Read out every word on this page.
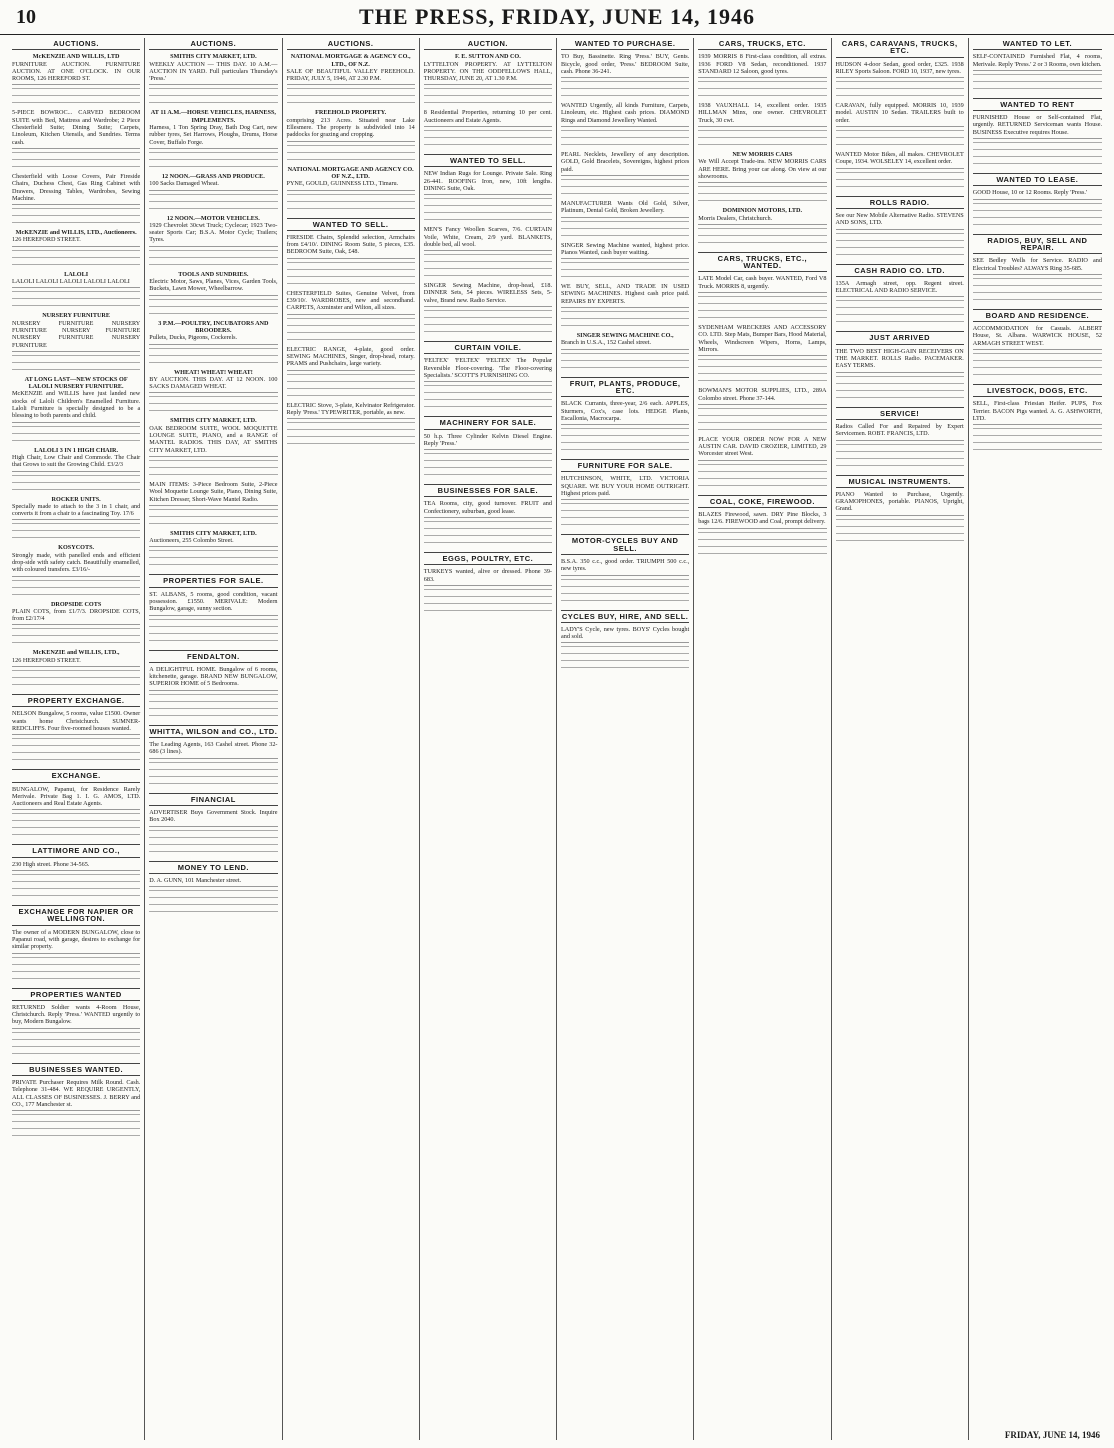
10	THE PRESS, FRIDAY, JUNE 14, 1946
AUCTIONS.
McKENZIE AND WILLIS, LTD
FURNITURE AUCTION. FURNITURE AUCTION. AT ONE O'CLOCK. IN OUR ROOMS, 126 HEREFORD ST.
5-PIECE BOWROC... CARVED BEDROOM SUITE with Bed, Mattress and Wardrobe; 2 Piece Chesterfield Suite; Dining Suite; Carpets, Linoleum, Kitchen Utensils, and Sundries. Terms cash.
Chesterfield with Loose Covers, Pair Fireside Chairs, Duchess Chest, Gas Ring Cabinet with Drawers, Dressing Tables, Wardrobes, Sewing Machine.
McKENZIE and WILLIS, LTD., Auctioneers.
126 HEREFORD STREET.
LALOLI
LALOLI LALOLI LALOLI LALOLI LALOLI
NURSERY FURNITURE
NURSERY FURNITURE NURSERY FURNITURE NURSERY FURNITURE NURSERY FURNITURE NURSERY FURNITURE
AT LONG LAST—NEW STOCKS OF LALOLI NURSERY FURNITURE.
McKENZIE and WILLIS have just landed new stocks of Laloli Children's Enamelled Furniture. Laloli Furniture is specially designed to be a blessing to both parents and child.
LALOLI 3 IN 1 HIGH CHAIR.
High Chair, Low Chair and Commode. The Chair that Grows to suit the Growing Child. £3/2/3
ROCKER UNITS.
Specially made to attach to the 3 in 1 chair, and converts it from a chair to a fascinating Toy. 17/6
KOSYCOTS.
Strongly made, with panelled ends and efficient drop-side with safety catch. Beautifully enamelled, with coloured transfers. £3/16/-
DROPSIDE COTS
PLAIN COTS, from £1/7/3. DROPSIDE COTS, from £2/17/4
McKENZIE and WILLIS, LTD.,
126 HEREFORD STREET.
PROPERTY EXCHANGE.
NELSON Bungalow, 5 rooms, value £1500. Owner wants home Christchurch. SUMNER-REDCLIFFS. Four five-roomed houses wanted.
EXCHANGE.
BUNGALOW, Papanui, for Residence Rarely Merivale. Private Bag 1. I. G. AMOS, LTD. Auctioneers and Real Estate Agents.
LATTIMORE AND CO.,
230 High street. Phone 34-565.
EXCHANGE FOR NAPIER OR WELLINGTON.
The owner of a MODERN BUNGALOW, close to Papanui road, with garage, desires to exchange for similar property.
PROPERTIES WANTED
RETURNED Soldier wants 4-Room House, Christchurch. Reply 'Press.' WANTED urgently to buy, Modern Bungalow.
BUSINESSES WANTED.
PRIVATE Purchaser Requires Milk Round. Cash. Telephone 31-484. WE REQUIRE URGENTLY, ALL CLASSES OF BUSINESSES. J. BERRY and CO., 177 Manchester st.
AUCTIONS.
SMITHS CITY MARKET, LTD.
WEEKLY AUCTION — THIS DAY. 10 A.M.—AUCTION IN YARD. Full particulars Thursday's 'Press.'
AT 11 A.M.—HORSE VEHICLES, HARNESS, IMPLEMENTS.
Harness, 1 Ton Spring Dray, Bath Dog Cart, new rubber tyres, Set Harrows, Ploughs, Drums, Horse Cover, Buffalo Forge.
12 NOON.—GRASS AND PRODUCE.
100 Sacks Damaged Wheat.
12 NOON.—MOTOR VEHICLES.
1929 Chevrolet 30cwt Truck; Cyclecar; 1923 Two-seater Sports Car; B.S.A. Motor Cycle; Trailers; Tyres.
TOOLS AND SUNDRIES.
Electric Motor, Saws, Planes, Vices, Garden Tools, Buckets, Lawn Mower, Wheelbarrow.
3 P.M.—POULTRY, INCUBATORS AND BROODERS.
Pullets, Ducks, Pigeons, Cockerels.
WHEAT! WHEAT! WHEAT!
BY AUCTION. THIS DAY. AT 12 NOON. 100 SACKS DAMAGED WHEAT.
SMITHS CITY MARKET, LTD.
OAK BEDROOM SUITE, WOOL MOQUETTE LOUNGE SUITE, PIANO, and a RANGE of MANTEL RADIOS. THIS DAY, AT SMITHS CITY MARKET, LTD.
MAIN ITEMS: 3-Piece Bedroom Suite, 2-Piece Wool Moquette Lounge Suite, Piano, Dining Suite, Kitchen Dresser, Short-Wave Mantel Radio.
SMITHS CITY MARKET, LTD.
Auctioneers, 255 Colombo Street.
PROPERTIES FOR SALE.
ST. ALBANS, 5 rooms, good condition, vacant possession. £1550. MERIVALE: Modern Bungalow, garage, sunny section.
FENDALTON.
A DELIGHTFUL HOME. Bungalow of 6 rooms, kitchenette, garage. BRAND NEW BUNGALOW, SUPERIOR HOME of 5 Bedrooms.
WHITTA, WILSON and CO., LTD.
The Leading Agents, 163 Cashel street. Phone 32-686 (3 lines).
FINANCIAL
ADVERTISER Buys Government Stock. Inquire Box 2040.
MONEY TO LEND.
D. A. GUNN, 101 Manchester street.
AUCTIONS.
NATIONAL MORTGAGE & AGENCY CO., LTD., OF N.Z.
SALE OF BEAUTIFUL VALLEY FREEHOLD. FRIDAY, JULY 5, 1946, AT 2.30 P.M.
FREEHOLD PROPERTY.
comprising 213 Acres. Situated near Lake Ellesmere. The property is subdivided into 14 paddocks for grazing and cropping.
NATIONAL MORTGAGE AND AGENCY CO. OF N.Z., LTD.
PYNE, GOULD, GUINNESS LTD., Timaru.
WANTED TO SELL.
FIRESIDE Chairs, Splendid selection, Armchairs from £4/10/. DINING Room Suite, 5 pieces, £35. BEDROOM Suite, Oak, £48.
CHESTERFIELD Suites, Genuine Velvet, from £39/10/. WARDROBES, new and secondhand. CARPETS, Axminster and Wilton, all sizes.
ELECTRIC RANGE, 4-plate, good order. SEWING MACHINES, Singer, drop-head, rotary. PRAMS and Pushchairs, large variety.
ELECTRIC Stove, 3-plate, Kelvinator Refrigerator. Reply 'Press.' TYPEWRITER, portable, as new.
AUCTION.
F. E. SUTTON AND CO.
LYTTELTON PROPERTY. AT LYTTELTON PROPERTY. ON THE ODDFELLOWS HALL, THURSDAY, JUNE 20, AT 1.30 P.M.
8 Residential Properties, returning 10 per cent. Auctioneers and Estate Agents.
WANTED TO SELL.
NEW Indian Rugs for Lounge. Private Sale. Ring 26-441. ROOFING Iron, new, 10ft lengths. DINING Suite, Oak.
MEN'S Fancy Woollen Scarves, 7/6. CURTAIN Voile, White, Cream, 2/9 yard. BLANKETS, double bed, all wool.
SINGER Sewing Machine, drop-head, £18. DINNER Sets, 54 pieces. WIRELESS Sets, 5-valve, Brand new. Radio Service.
CURTAIN VOILE.
'FELTEX' 'FELTEX' 'FELTEX' The Popular Reversible Floor-covering. 'The Floor-covering Specialists.' SCOTT'S FURNISHING CO.
MACHINERY FOR SALE.
50 h.p. Three Cylinder Kelvin Diesel Engine. Reply 'Press.'
BUSINESSES FOR SALE.
TEA Rooms, city, good turnover. FRUIT and Confectionery, suburban, good lease.
EGGS, POULTRY, ETC.
TURKEYS wanted, alive or dressed. Phone 39-683.
WANTED TO PURCHASE.
TO Buy, Bassinette. Ring 'Press.' BUY, Gents. Bicycle, good order, 'Press.' BEDROOM Suite, cash. Phone 36-241.
WANTED Urgently, all kinds Furniture, Carpets, Linoleum, etc. Highest cash prices. DIAMOND Rings and Diamond Jewellery Wanted.
PEARL Necklets, Jewellery of any description. GOLD, Gold Bracelets, Sovereigns, highest prices paid.
MANUFACTURER Wants Old Gold, Silver, Platinum, Dental Gold, Broken Jewellery.
SINGER Sewing Machine wanted, highest price. Pianos Wanted, cash buyer waiting.
WE BUY, SELL, AND TRADE IN USED SEWING MACHINES. Highest cash price paid. REPAIRS BY EXPERTS.
SINGER SEWING MACHINE CO.,
Branch in U.S.A., 152 Cashel street.
FRUIT, PLANTS, PRODUCE, ETC.
BLACK Currants, three-year, 2/6 each. APPLES, Sturmers, Cox's, case lots. HEDGE Plants, Escallonia, Macrocarpa.
FURNITURE FOR SALE.
HUTCHINSON, WHITE, LTD. VICTORIA SQUARE. WE BUY YOUR HOME OUTRIGHT. Highest prices paid.
MOTOR-CYCLES BUY AND SELL.
B.S.A. 350 c.c., good order. TRIUMPH 500 c.c., new tyres.
CYCLES BUY, HIRE, AND SELL.
LADY'S Cycle, new tyres. BOYS' Cycles bought and sold.
CARS, TRUCKS, ETC.
1939 MORRIS 8 First-class condition, all extras. 1936 FORD V8 Sedan, reconditioned. 1937 STANDARD 12 Saloon, good tyres.
1938 VAUXHALL 14, excellent order. 1935 HILLMAN Minx, one owner. CHEVROLET Truck, 30 cwt.
NEW MORRIS CARS
We Will Accept Trade-ins. NEW MORRIS CARS ARE HERE. Bring your car along. On view at our showrooms.
DOMINION MOTORS, LTD.
Morris Dealers, Christchurch.
CARS, TRUCKS, ETC., WANTED.
LATE Model Car, cash buyer. WANTED, Ford V8 Truck. MORRIS 8, urgently.
SYDENHAM WRECKERS AND ACCESSORY CO. LTD. Step Mats, Bumper Bars, Hood Material, Wheels, Windscreen Wipers, Horns, Lamps, Mirrors.
BOWMAN'S MOTOR SUPPLIES, LTD., 289A Colombo street. Phone 37-144.
PLACE YOUR ORDER NOW FOR A NEW AUSTIN CAR. DAVID CROZIER, LIMITED, 29 Worcester street West.
COAL, COKE, FIREWOOD.
BLAZES Firewood, sawn. DRY Pine Blocks, 3 bags 12/6. FIREWOOD and Coal, prompt delivery.
CARS, CARAVANS, TRUCKS, ETC.
HUDSON 4-door Sedan, good order, £325. 1938 RILEY Sports Saloon. FORD 10, 1937, new tyres.
CARAVAN, fully equipped. MORRIS 10, 1939 model. AUSTIN 10 Sedan. TRAILERS built to order.
WANTED Motor Bikes, all makes. CHEVROLET Coupe, 1934. WOLSELEY 14, excellent order.
ROLLS RADIO.
See our New Mobile Alternative Radio. STEVENS AND SONS, LTD.
CASH RADIO CO. LTD.
135A Armagh street, opp. Regent street. ELECTRICAL AND RADIO SERVICE.
JUST ARRIVED
THE TWO BEST HIGH-GAIN RECEIVERS ON THE MARKET. ROLLS Radio. PACEMAKER. EASY TERMS.
SERVICE!
Radios Called For and Repaired by Expert Servicemen. ROBT. FRANCIS, LTD.
MUSICAL INSTRUMENTS.
PIANO Wanted to Purchase, Urgently. GRAMOPHONES, portable. PIANOS, Upright, Grand.
WANTED TO LET.
SELF-CONTAINED Furnished Flat, 4 rooms, Merivale. Reply 'Press.' 2 or 3 Rooms, own kitchen.
WANTED TO RENT
FURNISHED House or Self-contained Flat, urgently. RETURNED Serviceman wants House. BUSINESS Executive requires House.
WANTED TO LEASE.
GOOD House, 10 or 12 Rooms. Reply 'Press.'
RADIOS, BUY, SELL AND REPAIR.
SEE Bedley Wells for Service. RADIO and Electrical Troubles? ALWAYS Ring 35-685.
BOARD AND RESIDENCE.
ACCOMMODATION for Casuals. ALBERT House, St. Albans. WARWICK HOUSE, 52 ARMAGH STREET WEST.
LIVESTOCK, DOGS, ETC.
SELL, First-class Friesian Heifer. PUPS, Fox Terrier. BACON Pigs wanted. A. G. ASHWORTH, LTD.
FRIDAY, JUNE 14, 1946
